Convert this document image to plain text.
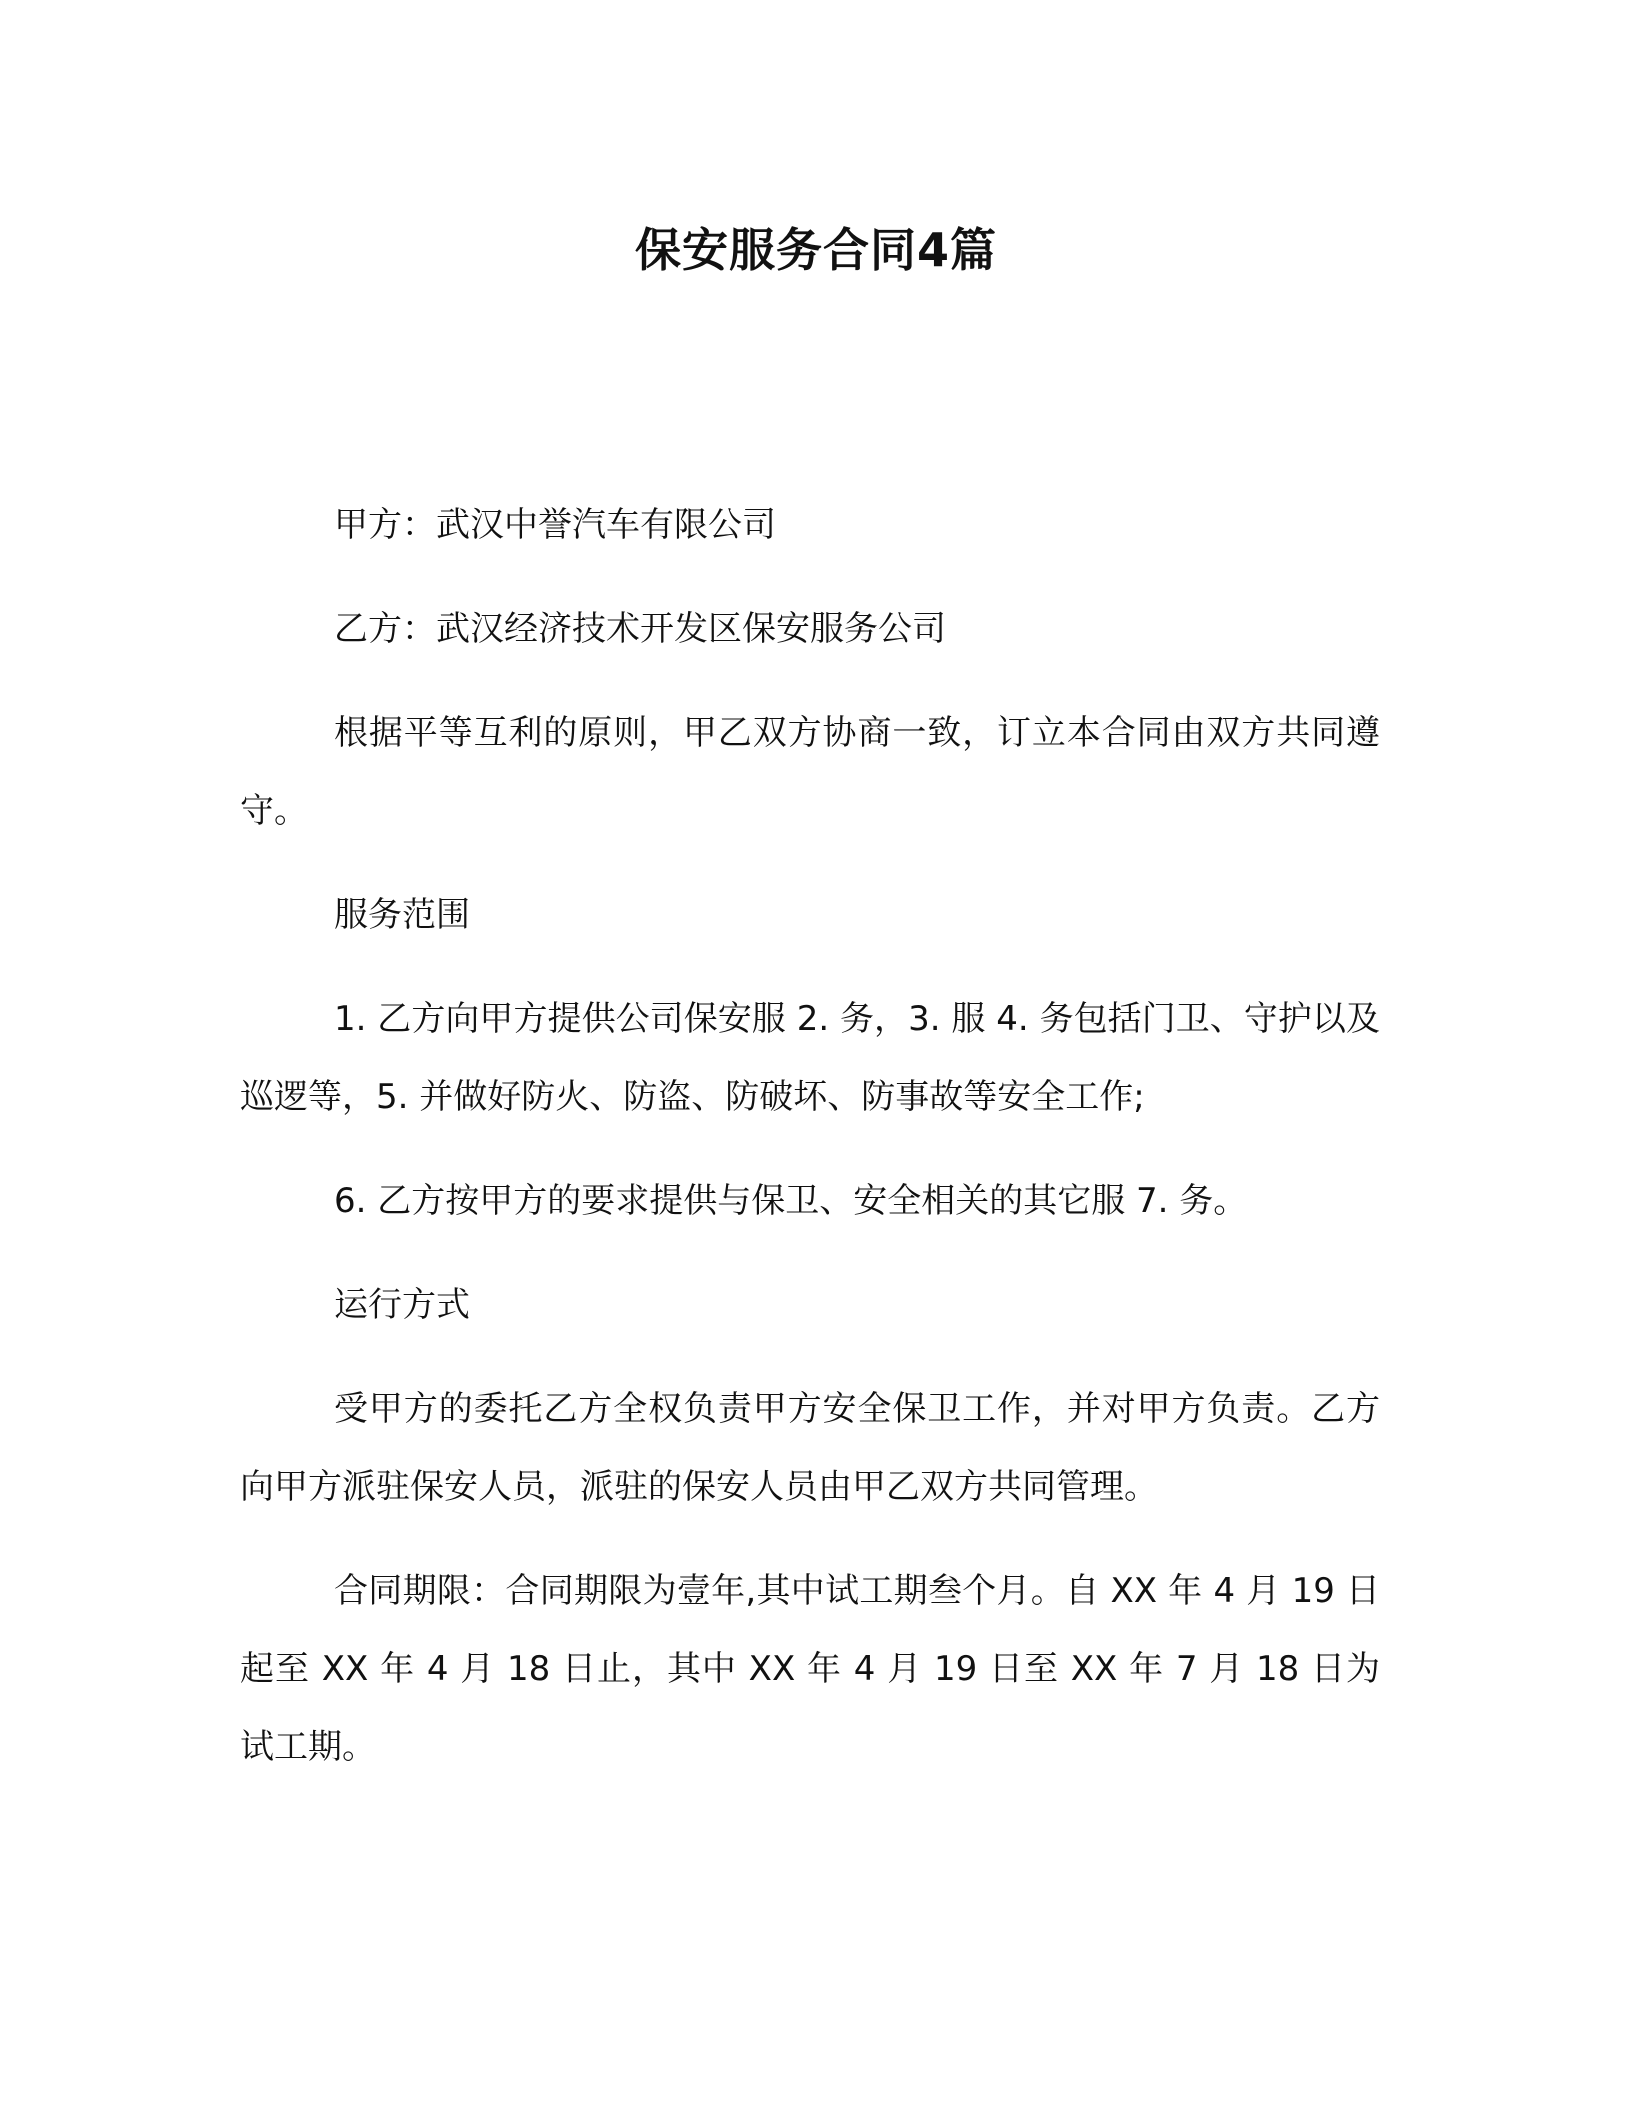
保安服务合同4篇

甲方：武汉中誉汽车有限公司

乙方：武汉经济技术开发区保安服务公司

根据平等互利的原则，甲乙双方协商一致，订立本合同由双方共同遵守。

服务范围

1. 乙方向甲方提供公司保安服 2. 务，3. 服 4. 务包括门卫、守护以及巡逻等，5. 并做好防火、防盗、防破坏、防事故等安全工作;

6. 乙方按甲方的要求提供与保卫、安全相关的其它服 7. 务。

运行方式

受甲方的委托乙方全权负责甲方安全保卫工作，并对甲方负责。乙方向甲方派驻保安人员，派驻的保安人员由甲乙双方共同管理。

合同期限：合同期限为壹年,其中试工期叁个月。自 XX 年 4 月 19 日起至 XX 年 4 月 18 日止，其中 XX 年 4 月 19 日至 XX 年 7 月 18 日为试工期。
